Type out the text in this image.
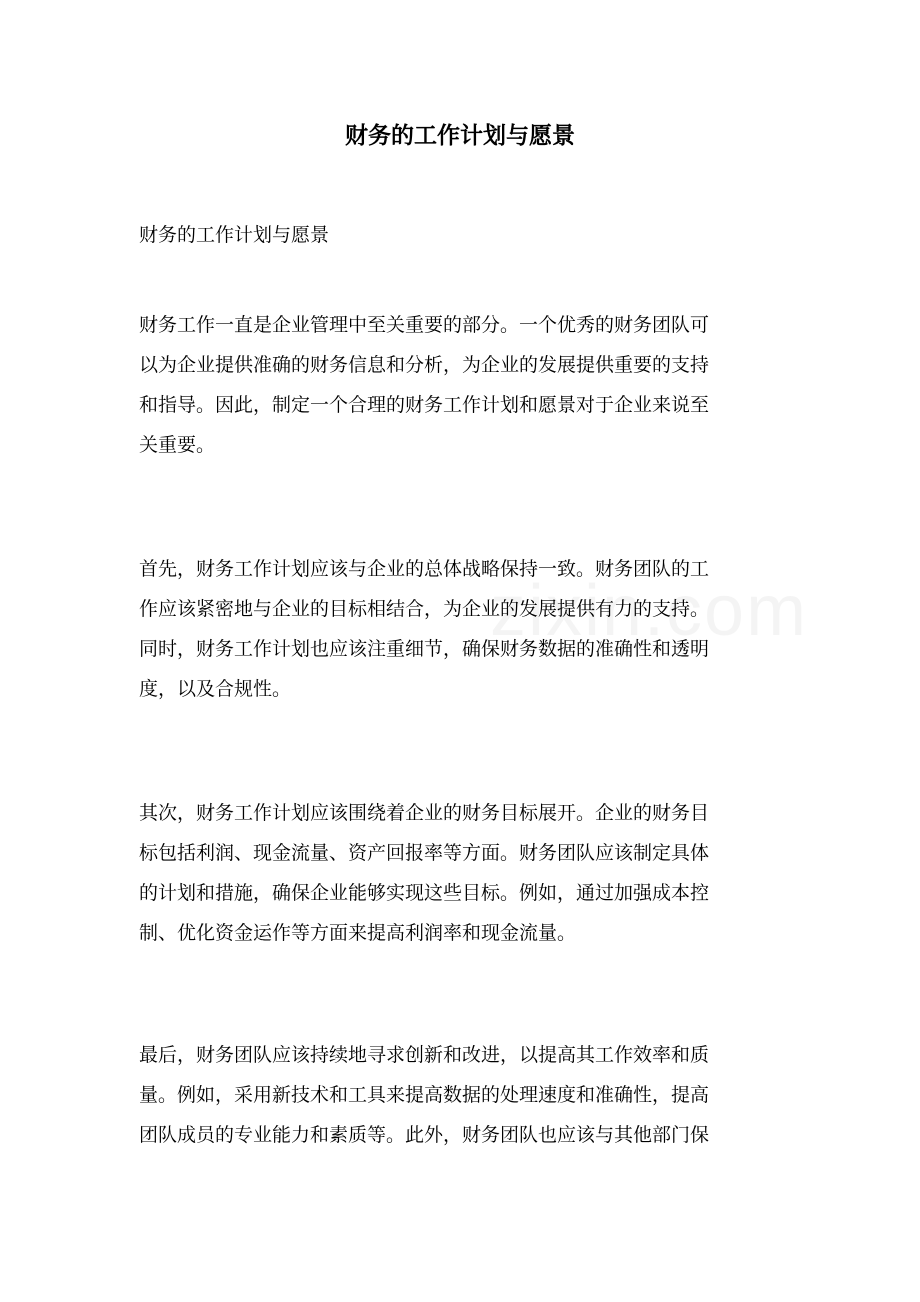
财务的工作计划与愿景

财务的工作计划与愿景

财务工作一直是企业管理中至关重要的部分。一个优秀的财务团队可
以为企业提供准确的财务信息和分析，为企业的发展提供重要的支持
和指导。因此，制定一个合理的财务工作计划和愿景对于企业来说至
关重要。

首先，财务工作计划应该与企业的总体战略保持一致。财务团队的工
作应该紧密地与企业的目标相结合，为企业的发展提供有力的支持。
同时，财务工作计划也应该注重细节，确保财务数据的准确性和透明
度，以及合规性。

其次，财务工作计划应该围绕着企业的财务目标展开。企业的财务目
标包括利润、现金流量、资产回报率等方面。财务团队应该制定具体
的计划和措施，确保企业能够实现这些目标。例如，通过加强成本控
制、优化资金运作等方面来提高利润率和现金流量。

最后，财务团队应该持续地寻求创新和改进，以提高其工作效率和质
量。例如，采用新技术和工具来提高数据的处理速度和准确性，提高
团队成员的专业能力和素质等。此外，财务团队也应该与其他部门保
